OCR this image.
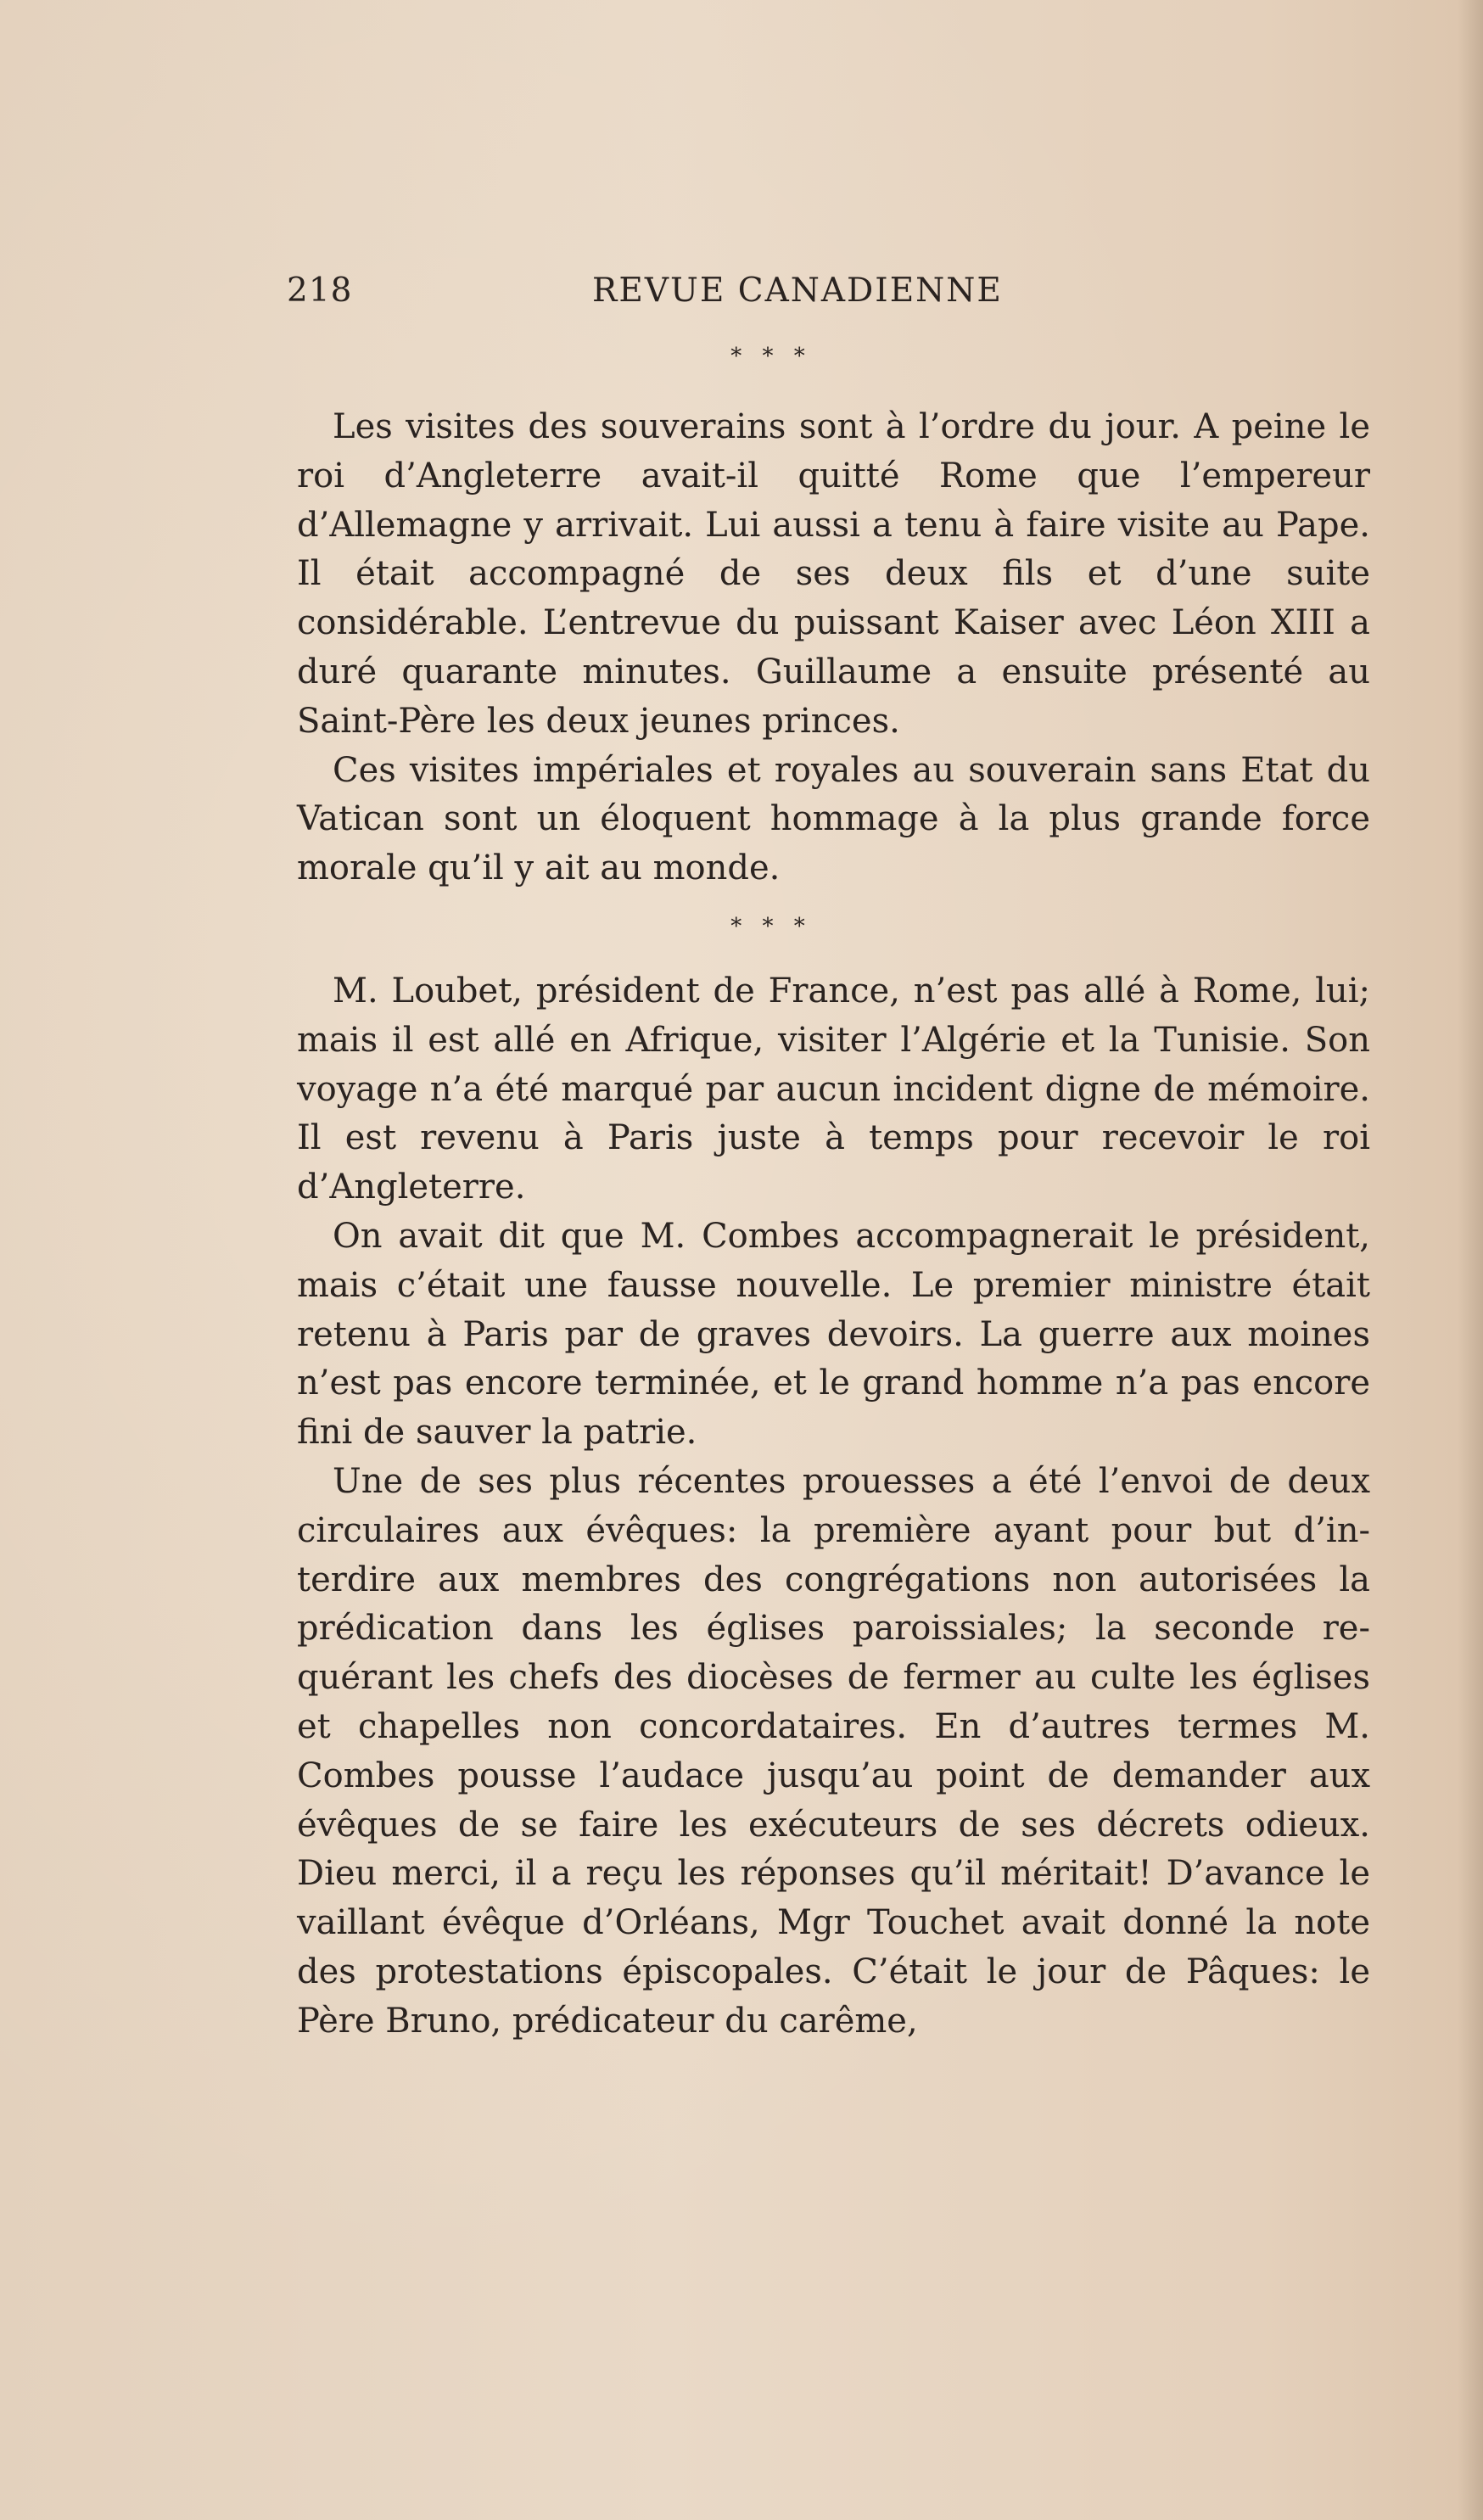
218	REVUE CANADIENNE
* * *

Les visites des souverains sont à l’ordre du jour. A peine le roi d’Angleterre avait-il quitté Rome que l’empereur d’Allemagne y arrivait. Lui aussi a tenu à faire visite au Pape. Il était accompagné de ses deux fils et d’une suite considérable. L’entrevue du puissant Kaiser avec Léon XIII a duré quarante minutes. Guillaume a ensuite présenté au Saint-Père les deux jeunes princes.

Ces visites impériales et royales au souverain sans Etat du Vatican sont un éloquent hommage à la plus grande force morale qu’il y ait au monde.

* * *

M. Loubet, président de France, n’est pas allé à Rome, lui; mais il est allé en Afrique, visiter l’Algérie et la Tunisie. Son voyage n’a été marqué par aucun incident digne de mémoire. Il est revenu à Paris juste à temps pour recevoir le roi d’Angleterre.

On avait dit que M. Combes accompagnerait le président, mais c’était une fausse nouvelle. Le premier ministre était retenu à Paris par de graves devoirs. La guerre aux moines n’est pas encore terminée, et le grand homme n’a pas encore fini de sauver la patrie.

Une de ses plus récentes prouesses a été l’envoi de deux circulaires aux évêques: la première ayant pour but d’interdire aux membres des congrégations non autorisées la prédication dans les églises paroissiales; la seconde requérant les chefs des diocèses de fermer au culte les églises et chapelles non concordataires. En d’autres termes M. Combes pousse l’audace jusqu’au point de demander aux évêques de se faire les exécuteurs de ses décrets odieux. Dieu merci, il a reçu les réponses qu’il méritait! D’avance le vaillant évêque d’Orléans, Mgr Touchet avait donné la note des protestations épiscopales. C’était le jour de Pâques: le Père Bruno, prédicateur du carême,
